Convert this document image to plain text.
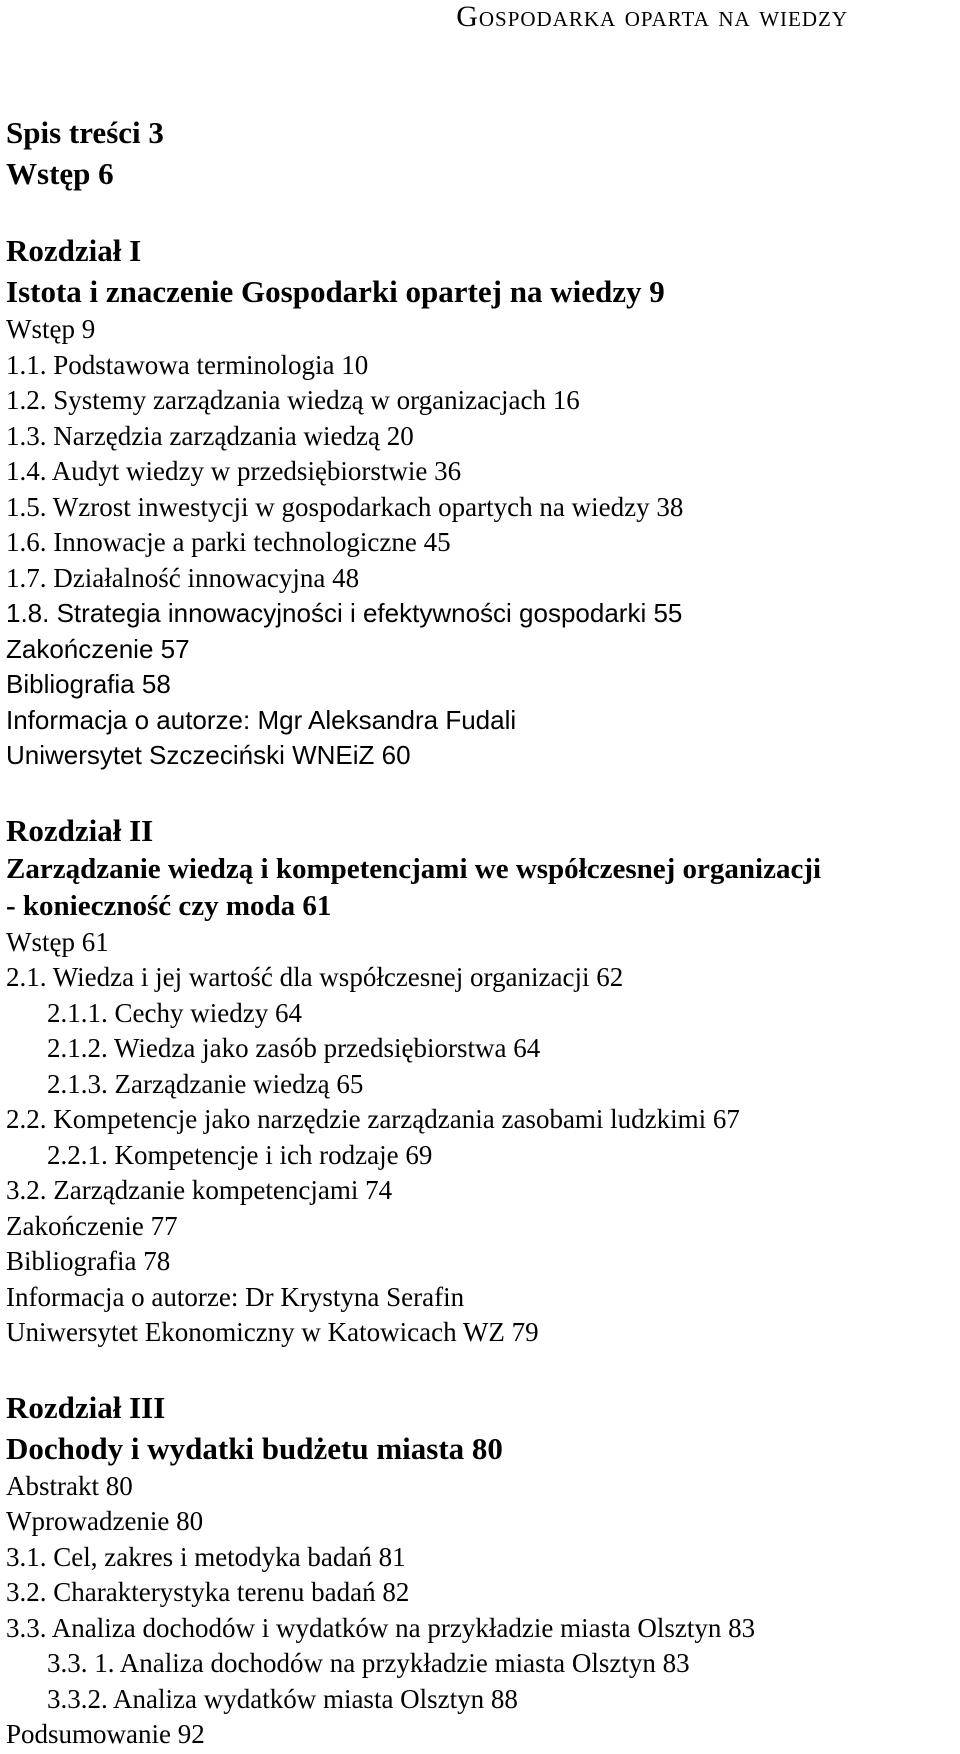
Gospodarka oparta na wiedzy
Spis treści 3
Wstęp 6
Rozdział I
Istota i znaczenie Gospodarki opartej na wiedzy 9
Wstęp 9
1.1. Podstawowa terminologia 10
1.2. Systemy zarządzania wiedzą w organizacjach 16
1.3. Narzędzia zarządzania wiedzą 20
1.4. Audyt wiedzy w przedsiębiorstwie 36
1.5. Wzrost inwestycji w gospodarkach opartych na wiedzy 38
1.6. Innowacje a parki technologiczne 45
1.7. Działalność innowacyjna 48
1.8. Strategia innowacyjności i efektywności gospodarki 55
Zakończenie 57
Bibliografia 58
Informacja o autorze: Mgr Aleksandra Fudali
Uniwersytet Szczeciński WNEiZ 60
Rozdział II
Zarządzanie wiedzą i kompetencjami we współczesnej organizacji
- konieczność czy moda 61
Wstęp 61
2.1. Wiedza i jej wartość dla współczesnej organizacji 62
2.1.1. Cechy wiedzy 64
2.1.2. Wiedza jako zasób przedsiębiorstwa 64
2.1.3. Zarządzanie wiedzą 65
2.2. Kompetencje jako narzędzie zarządzania zasobami ludzkimi 67
2.2.1. Kompetencje i ich rodzaje 69
3.2. Zarządzanie kompetencjami 74
Zakończenie 77
Bibliografia 78
Informacja o autorze: Dr Krystyna Serafin
Uniwersytet Ekonomiczny w Katowicach WZ 79
Rozdział III
Dochody i wydatki budżetu miasta 80
Abstrakt 80
Wprowadzenie 80
3.1. Cel, zakres i metodyka badań 81
3.2. Charakterystyka terenu badań 82
3.3. Analiza dochodów i wydatków na przykładzie miasta Olsztyn 83
3.3. 1. Analiza dochodów na przykładzie miasta Olsztyn 83
3.3.2. Analiza wydatków miasta Olsztyn 88
Podsumowanie 92
